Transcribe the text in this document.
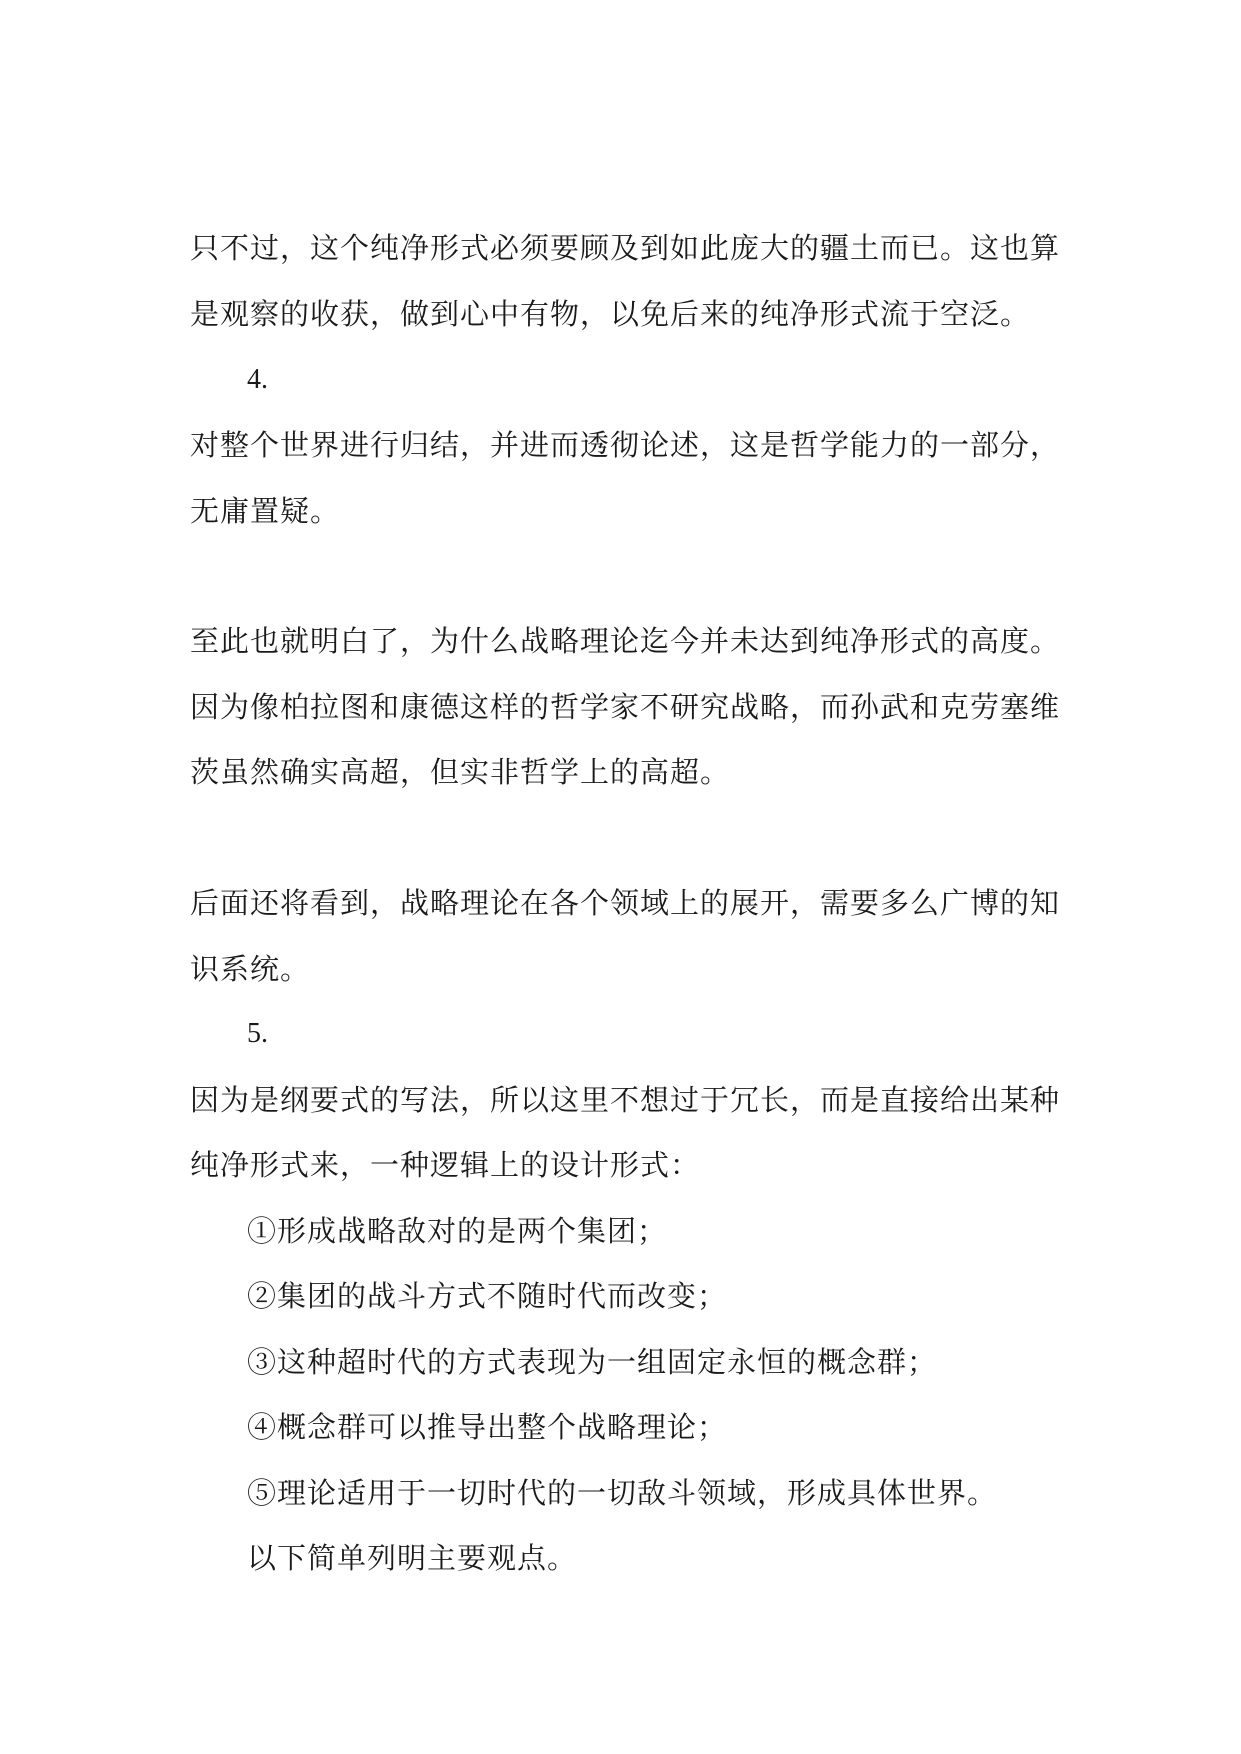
只不过，这个纯净形式必须要顾及到如此庞大的疆土而已。这也算

是观察的收获，做到心中有物，以免后来的纯净形式流于空泛。

4.

对整个世界进行归结，并进而透彻论述，这是哲学能力的一部分，

无庸置疑。

至此也就明白了，为什么战略理论迄今并未达到纯净形式的高度。

因为像柏拉图和康德这样的哲学家不研究战略，而孙武和克劳塞维

茨虽然确实高超，但实非哲学上的高超。

后面还将看到，战略理论在各个领域上的展开，需要多么广博的知

识系统。

5.

因为是纲要式的写法，所以这里不想过于冗长，而是直接给出某种

纯净形式来，一种逻辑上的设计形式：

①形成战略敌对的是两个集团；

②集团的战斗方式不随时代而改变；

③这种超时代的方式表现为一组固定永恒的概念群；

④概念群可以推导出整个战略理论；

⑤理论适用于一切时代的一切敌斗领域，形成具体世界。

以下简单列明主要观点。
